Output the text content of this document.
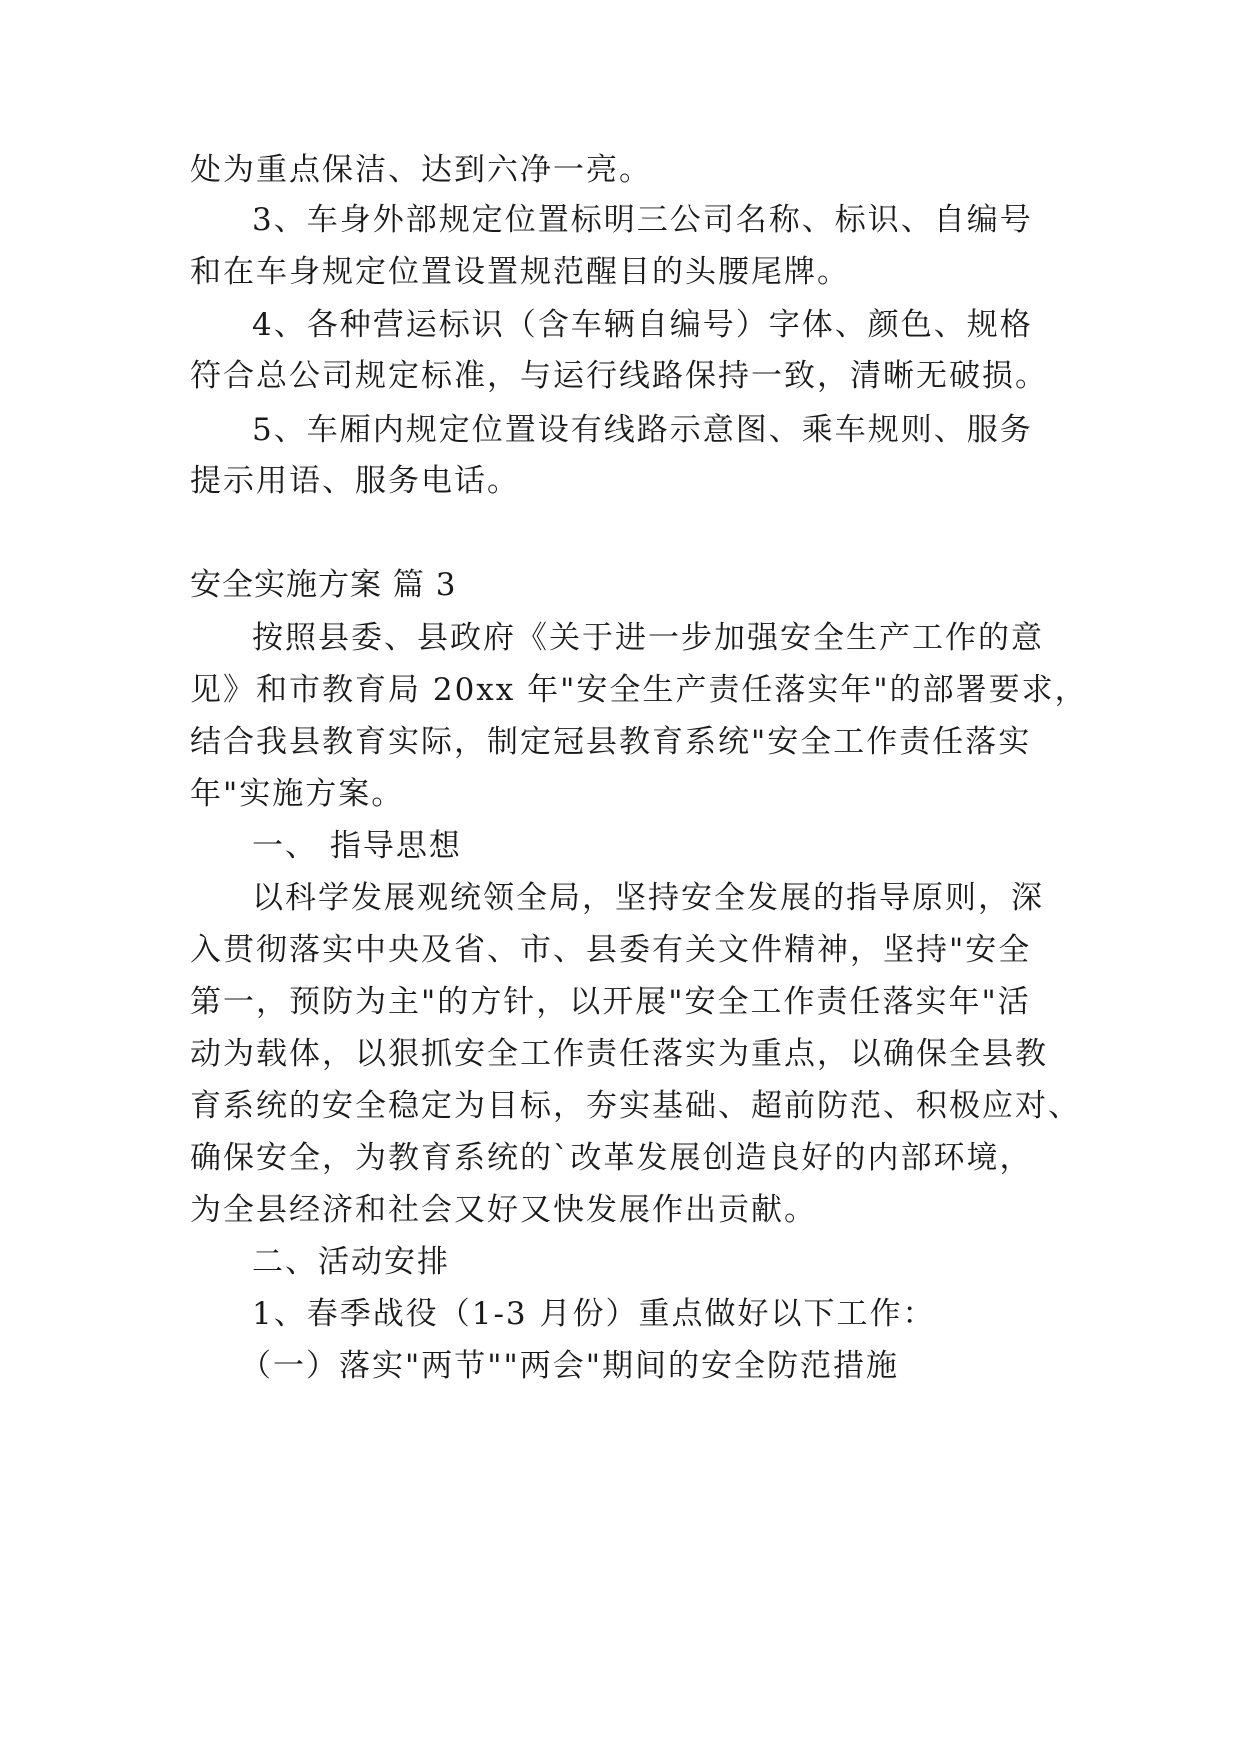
处为重点保洁、达到六净一亮。
3、车身外部规定位置标明三公司名称、标识、自编号
和在车身规定位置设置规范醒目的头腰尾牌。
4、各种营运标识（含车辆自编号）字体、颜色、规格
符合总公司规定标准，与运行线路保持一致，清晰无破损。
5、车厢内规定位置设有线路示意图、乘车规则、服务
提示用语、服务电话。
安全实施方案 篇 3
按照县委、县政府《关于进一步加强安全生产工作的意
见》和市教育局 20xx 年"安全生产责任落实年"的部署要求，
结合我县教育实际，制定冠县教育系统"安全工作责任落实
年"实施方案。
一、 指导思想
以科学发展观统领全局，坚持安全发展的指导原则，深
入贯彻落实中央及省、市、县委有关文件精神，坚持"安全
第一，预防为主"的方针，以开展"安全工作责任落实年"活
动为载体，以狠抓安全工作责任落实为重点，以确保全县教
育系统的安全稳定为目标，夯实基础、超前防范、积极应对、
确保安全，为教育系统的`改革发展创造良好的内部环境，
为全县经济和社会又好又快发展作出贡献。
二、活动安排
1、春季战役（1-3 月份）重点做好以下工作：
（一）落实"两节""两会"期间的安全防范措施
